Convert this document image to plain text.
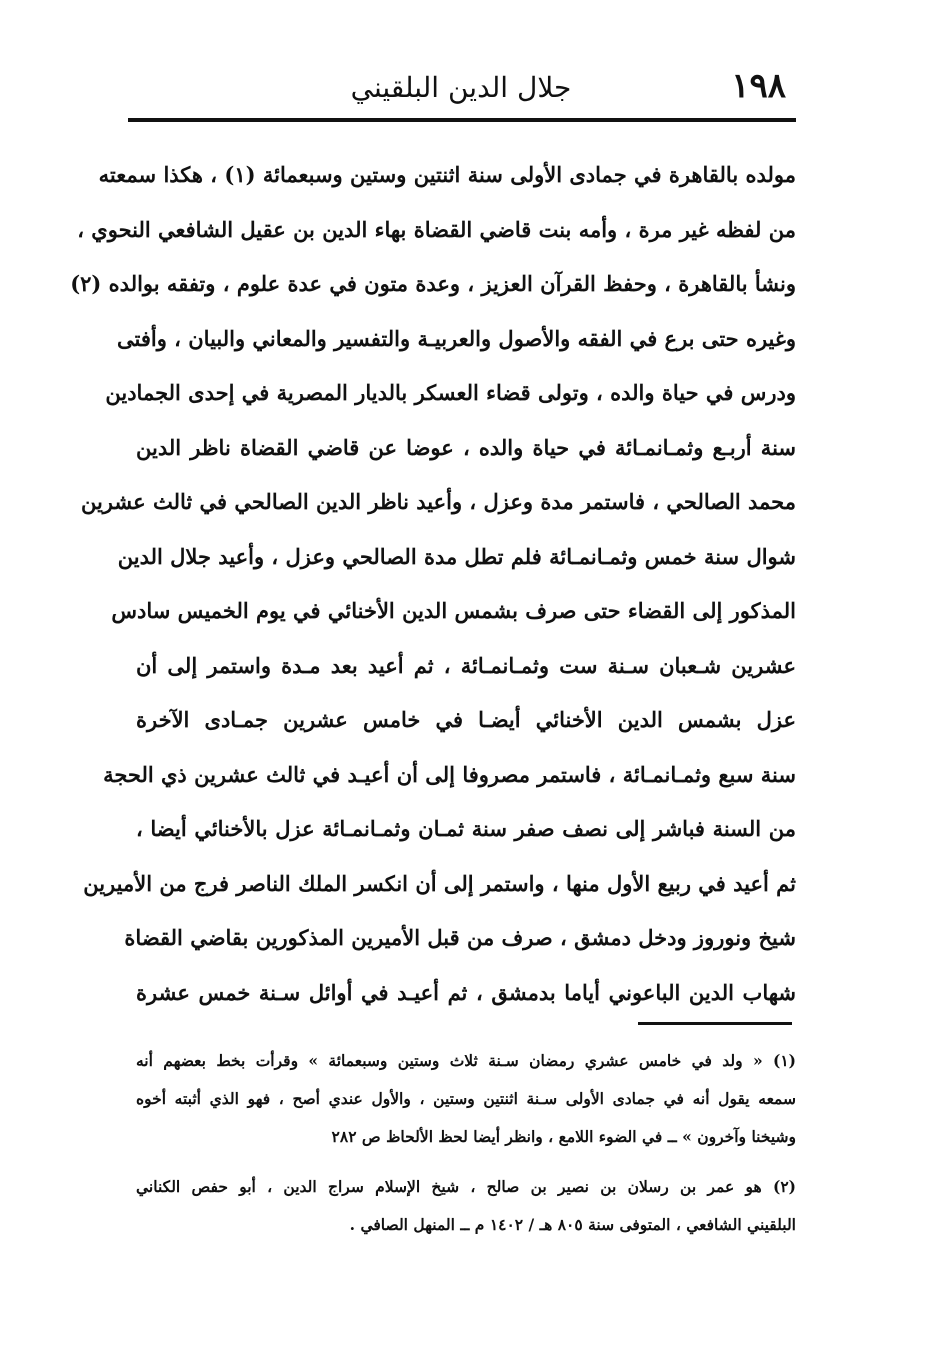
١٩٨
جلال الدين البلقيني
مولده بالقاهرة في جمادى الأولى سنة اثنتين وستين وسبعمائة (١) ، هكذا سمعته
من لفظه غير مرة ، وأمه بنت قاضي القضاة بهاء الدين بن عقيل الشافعي النحوي ،
ونشأ بالقاهرة ، وحفظ القرآن العزيز ، وعدة متون في عدة علوم ، وتفقه بوالده (٢)
وغيره حتى برع في الفقه والأصول والعربيـة والتفسير والمعاني والبيان ، وأفتى
ودرس في حياة والده ، وتولى قضاء العسكر بالديار المصرية في إحدى الجمادين
سنة أربـع وثمـانمـائة في حياة والده ، عوضا عن قاضي القضاة ناظر الدين
محمد الصالحي ، فاستمر مدة وعزل ، وأعيد ناظر الدين الصالحي في ثالث عشرين
شوال سنة خمس وثمـانمـائة فلم تطل مدة الصالحي وعزل ، وأعيد جلال الدين
المذكور إلى القضاء حتى صرف بشمس الدين الأخنائي في يوم الخميس سادس
عشرين شـعبان سـنة ست وثمـانمـائة ، ثم أعيد بعد مـدة واستمر إلى أن
عزل بشمس الدين الأخنائي أيضـا في خامس عشرين جمـادى الآخرة
سنة سبع وثمـانمـائة ، فاستمر مصروفا إلى أن أعيـد في ثالث عشرين ذي الحجة
من السنة فباشر إلى نصف صفر سنة ثمـان وثمـانمـائة عزل بالأخنائي أيضا ،
ثم أعيد في ربيع الأول منها ، واستمر إلى أن انكسر الملك الناصر فرج من الأميرين
شيخ ونوروز ودخل دمشق ، صرف من قبل الأميرين المذكورين بقاضي القضاة
شهاب الدين الباعوني أياما بدمشق ، ثم أعيـد في أوائل سـنة خمس عشرة
(١) « ولد في خامس عشري رمضان سـنة ثلاث وستين وسبعمائة » وقرأت بخط بعضهم أنه
سمعه يقول أنه في جمادى الأولى سـنة اثنتين وستين ، والأول عندي أصح ، فهو الذي أثبته أخوه
وشيخنا وآخرون » ــ في الضوء اللامع ، وانظر أيضا لحظ الألحاظ ص ٢٨٢
(٢) هو عمر بن رسلان بن نصير بن صالح ، شيخ الإسلام سراج الدين ، أبو حفص الكناني
البلقيني الشافعي ، المتوفى سنة ٨٠٥ هـ / ١٤٠٢ م ــ المنهل الصافي .
